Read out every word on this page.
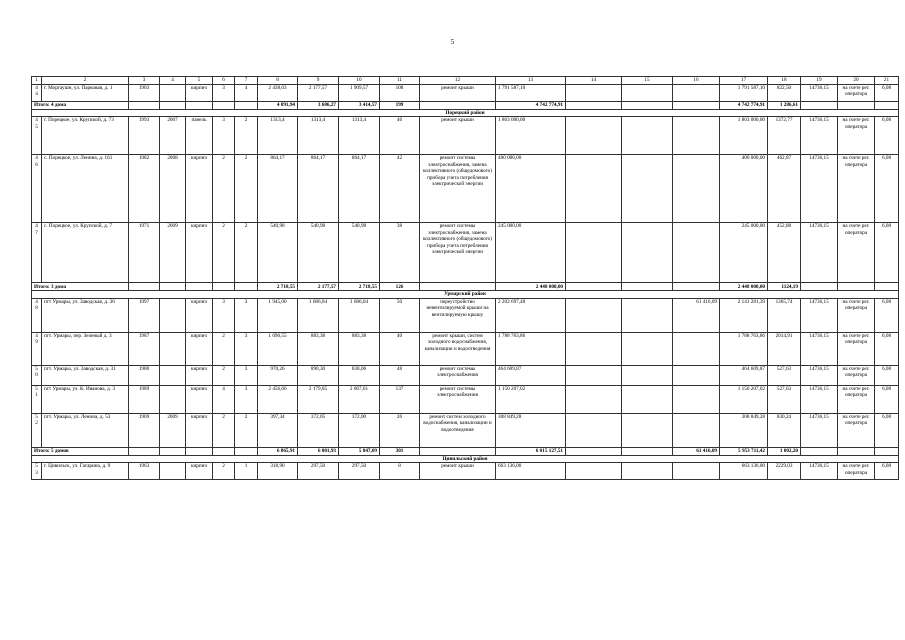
5
1	2	3	4	5	6	7	8	9	10	11	12	13	14	15	16	17	18	19	20	21
44	г. Моргаушн, ул. Парковая, д. 1	1903		кирпич	3	4	2 438,03	2 177,57	1 909,57	108	ремонт крыши	1 791 587,10				1 791 587,10	822,50	14736,15	на счете рег. оператора	6,08
Итого: 4 дома							4 091,94	3 686,27	3 414,57	199		4 742 774,91				4 742 774,91	1 286,61			
Порецкий район																				
45	г. Порецкое, ул. Крупской, д. 73	1993	2007	панель	3	2	1313,4	1313,4	1313,4	46	ремонт крыши	1 803 000,00				1 803 000,00	1372,77	14736,15	на счете рег. оператора	6,08
46	с. Порецкое, ул. Ленина, д. 161	1982	2008	кирпич	2	2	864,17	864,17	864,17	42	ремонт системы электроснабжения, замена коллективного (общедомового) прибора учета потребления электрической энергии	400 000,00				400 000,00	462,87	14736,15	на счете рег. оператора	6,08
47	с. Порецкое, ул. Крупской, д. 7	1971	2009	кирпич	2	2	540,98	540,98	540,98	38	ремонт системы электроснабжения, замена коллективного (общедомового) прибора учета потребления электрической энергии	245 000,00				245 000,00	452,88	14736,15	на счете рег. оператора	6,08
Итого: 3 дома							2 718,55	2 177,57	2 718,55	126		2 448 000,00				2 448 000,00	1124,19			
Урмарский район																				
48	пгт Урмары, ул. Заводская, д. 36	1997		кирпич	3	3	1 945,00	1 686,04	1 686,04	50	переустройство невентилируемой крыши на вентилируемую крышу	2 202 697,48			61 416,09	2 141 281,39	1365,74	14736,15	на счете рег. оператора	6,08
49	пгт. Урмары, пер. Зеленый д. 3	1987		кирпич	2	3	1 096,55	883,38	883,38	40	ремонт крыши, систем холодного водоснабжения, канализации и водоотведения	1 788 763,86				1 788 763,86	2014,91	14736,15	на счете рег. оператора	6,08
50	пгт. Урмары, ул. Заводская, д. 31	1980		кирпич	2	3	970,26	890,30	838,06	48	ремонт системы электроснабжения	464 609,87				464 609,87	527,63	14736,15	на счете рег. оператора	6,08
51	пгт Урмары, ул. К. Иванова, д. 3	1989		кирпич	4	3	2 456,66	2 179,05	2 067,61	137	ремонт системы электроснабжения	1 150 207,02				1 150 207,02	527,63	14736,15	на счете рег. оператора	6,08
52	пгт. Урмары, ул. Ленина, д. 53	1969	2009	кирпич	2	2	397,34	372,05	372,00	26	ремонт систем холодного водоснабжения, канализации и водоотведения	308 849,28				308 849,28	830,24	14736,15	на счете рег. оператора	6,08
Итого: 5 домов							6 865,91	6 001,93	5 847,09	301		6 015 127,51			61 416,09	5 953 711,42	1 002,20			
Цивильский район																				
53	г. Цивильск, ул. Гагарина, д. 9	1963		кирпич	2	1	318,90	297,50	297,50	8	ремонт крыши	663 136,00				663 136,00	2229,03	14736,15	на счете рег. оператора	6,08
